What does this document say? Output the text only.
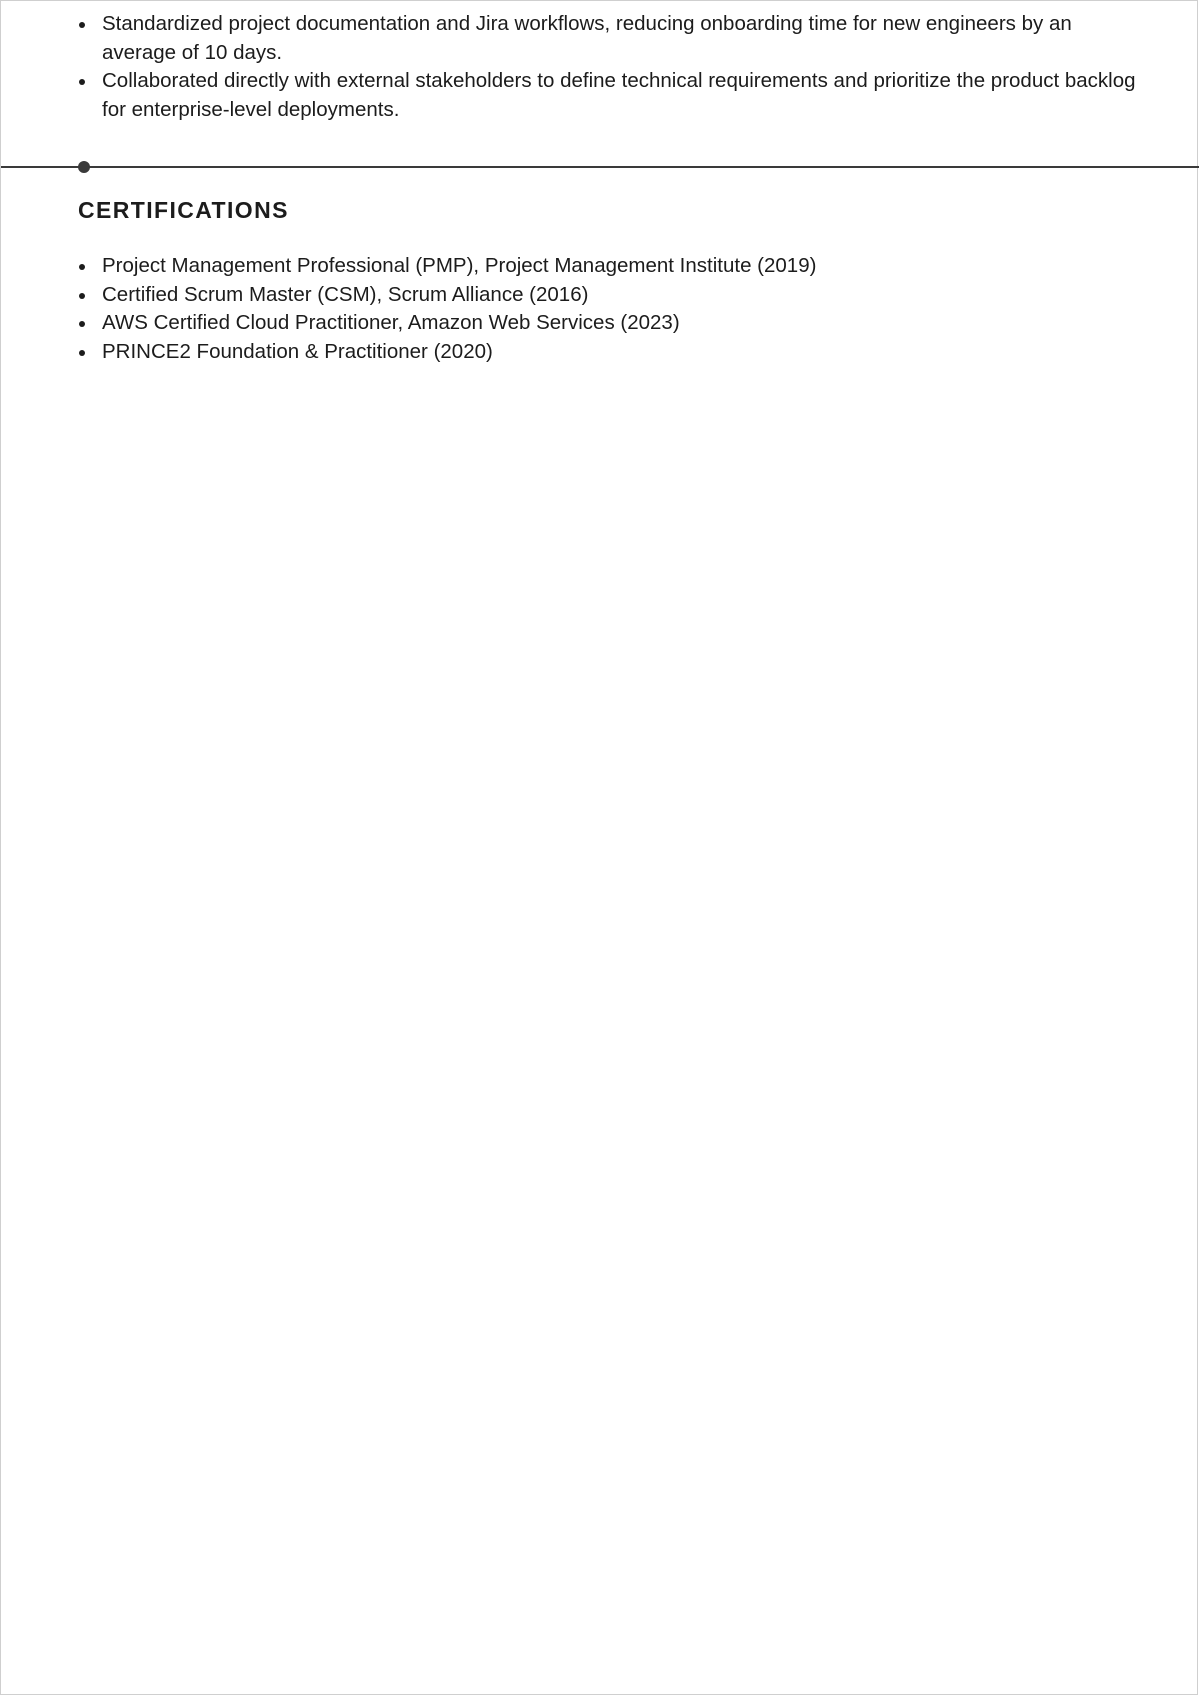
Standardized project documentation and Jira workflows, reducing onboarding time for new engineers by an average of 10 days.
Collaborated directly with external stakeholders to define technical requirements and prioritize the product backlog for enterprise-level deployments.
CERTIFICATIONS
Project Management Professional (PMP), Project Management Institute (2019)
Certified Scrum Master (CSM), Scrum Alliance (2016)
AWS Certified Cloud Practitioner, Amazon Web Services (2023)
PRINCE2 Foundation & Practitioner (2020)
